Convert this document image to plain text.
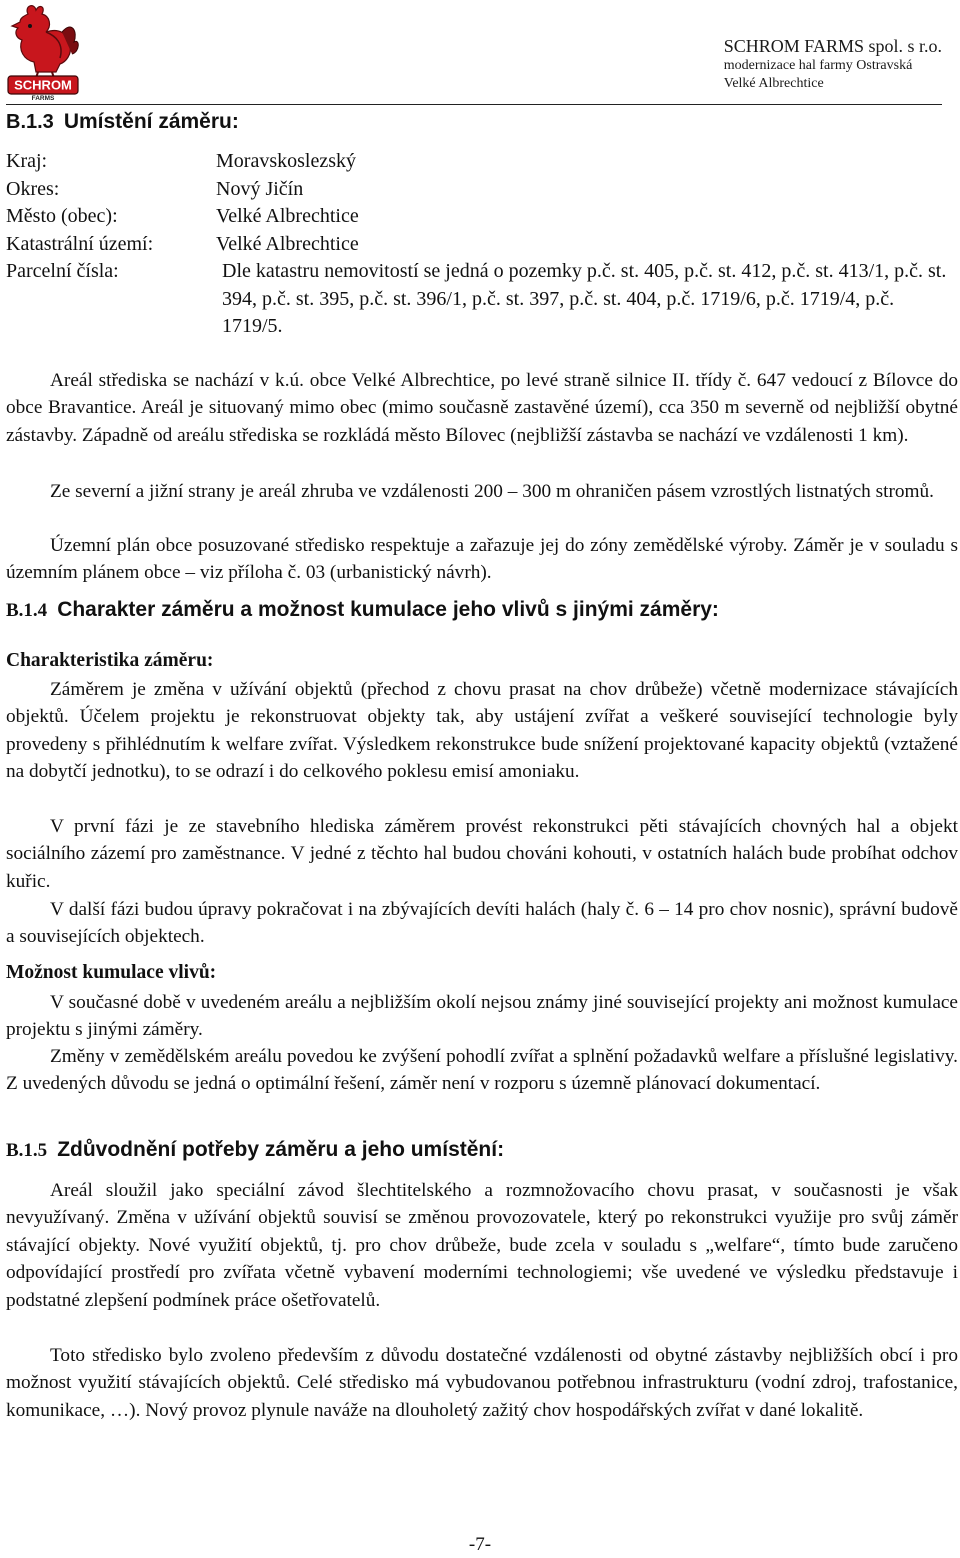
SCHROM
FARMS
SCHROM FARMS spol. s r.o.
modernizace hal farmy Ostravská
Velké Albrechtice
B.1.3 Umístění záměru:
Kraj:	Moravskoslezský
Okres:	Nový Jičín
Město (obec):	Velké Albrechtice
Katastrální území:	Velké Albrechtice
Parcelní čísla:	Dle katastru nemovitostí se jedná o pozemky p.č. st. 405, p.č. st. 412, p.č. st. 413/1, p.č. st. 394, p.č. st. 395, p.č. st. 396/1, p.č. st. 397, p.č. st. 404, p.č. 1719/6, p.č. 1719/4, p.č. 1719/5.
Areál střediska se nachází v k.ú. obce Velké Albrechtice, po levé straně silnice II. třídy č. 647 vedoucí z Bílovce do obce Bravantice. Areál je situovaný mimo obec (mimo současně zastavěné území), cca 350 m severně od nejbližší obytné zástavby. Západně od areálu střediska se rozkládá město Bílovec (nejbližší zástavba se nachází ve vzdálenosti 1 km).
Ze severní a jižní strany je areál zhruba ve vzdálenosti 200 – 300 m ohraničen pásem vzrostlých listnatých stromů.
Územní plán obce posuzované středisko respektuje a zařazuje jej do zóny zemědělské výroby. Záměr je v souladu s územním plánem obce – viz příloha č. 03 (urbanistický návrh).
B.1.4 Charakter záměru a možnost kumulace jeho vlivů s jinými záměry:
Charakteristika záměru:
Záměrem je změna v užívání objektů (přechod z chovu prasat na chov drůbeže) včetně modernizace stávajících objektů. Účelem projektu je rekonstruovat objekty tak, aby ustájení zvířat a veškeré související technologie byly provedeny s přihlédnutím k welfare zvířat. Výsledkem rekonstrukce bude snížení projektované kapacity objektů (vztažené na dobytčí jednotku), to se odrazí i do celkového poklesu emisí amoniaku.
V první fázi je ze stavebního hlediska záměrem provést rekonstrukci pěti stávajících chovných hal a objekt sociálního zázemí pro zaměstnance. V jedné z těchto hal budou chováni kohouti, v ostatních halách bude probíhat odchov kuřic.
V další fázi budou úpravy pokračovat i na zbývajících devíti halách (haly č. 6 – 14 pro chov nosnic), správní budově a souvisejících objektech.
Možnost kumulace vlivů:
V současné době v uvedeném areálu a nejbližším okolí nejsou známy jiné související projekty ani možnost kumulace projektu s jinými záměry.
Změny v zemědělském areálu povedou ke zvýšení pohodlí zvířat a splnění požadavků welfare a příslušné legislativy. Z uvedených důvodu se jedná o optimální řešení, záměr není v rozporu s územně plánovací dokumentací.
B.1.5 Zdůvodnění potřeby záměru a jeho umístění:
Areál sloužil jako speciální závod šlechtitelského a rozmnožovacího chovu prasat, v současnosti je však nevyužívaný. Změna v užívání objektů souvisí se změnou provozovatele, který po rekonstrukci využije pro svůj záměr stávající objekty. Nové využití objektů, tj. pro chov drůbeže, bude zcela v souladu s „welfare“, tímto bude zaručeno odpovídající prostředí pro zvířata včetně vybavení moderními technologiemi; vše uvedené ve výsledku představuje i podstatné zlepšení podmínek práce ošetřovatelů.
Toto středisko bylo zvoleno především z důvodu dostatečné vzdálenosti od obytné zástavby nejbližších obcí i pro možnost využití stávajících objektů. Celé středisko má vybudovanou potřebnou infrastrukturu (vodní zdroj, trafostanice, komunikace, …). Nový provoz plynule naváže na dlouholetý zažitý chov hospodářských zvířat v dané lokalitě.
-7-
